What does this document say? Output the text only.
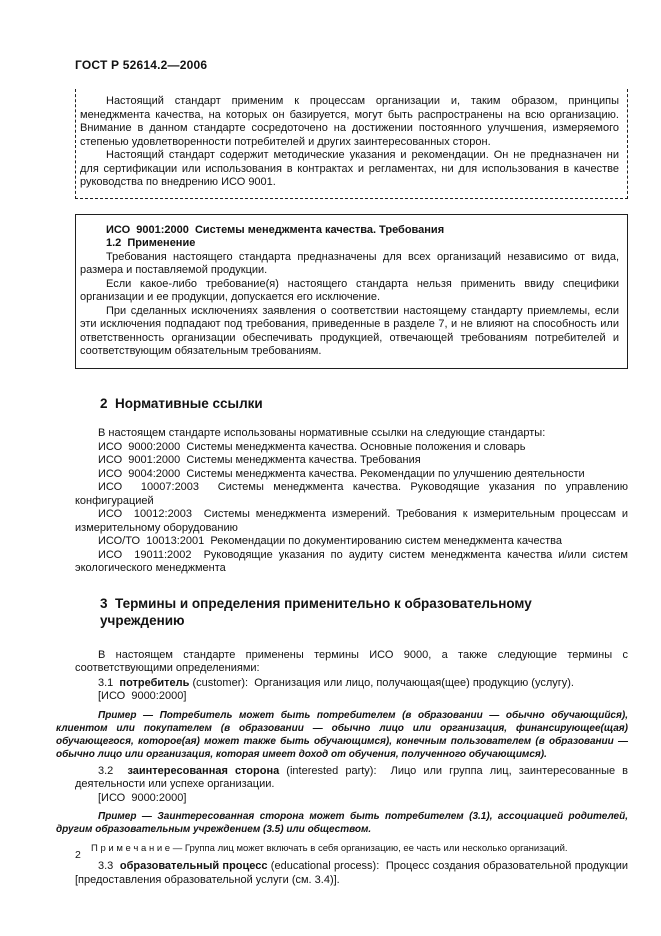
ГОСТ Р 52614.2—2006

Настоящий стандарт применим к процессам организации и, таким образом, принципы менеджмента качества, на которых он базируется, могут быть распространены на всю организацию. Внимание в данном стандарте сосредоточено на достижении постоянного улучшения, измеряемого степенью удовлетворенности потребителей и других заинтересованных сторон.

Настоящий стандарт содержит методические указания и рекомендации. Он не предназначен ни для сертификации или использования в контрактах и регламентах, ни для использования в качестве руководства по внедрению ИСО 9001.

ИСО  9001:2000  Системы менеджмента качества. Требования

1.2  Применение

Требования настоящего стандарта предназначены для всех организаций независимо от вида, размера и поставляемой продукции.

Если какое-либо требование(я) настоящего стандарта нельзя применить ввиду специфики организации и ее продукции, допускается его исключение.

При сделанных исключениях заявления о соответствии настоящему стандарту приемлемы, если эти исключения подпадают под требования, приведенные в разделе 7, и не влияют на способность или ответственность организации обеспечивать продукцией, отвечающей требованиям потребителей и соответствующим обязательным требованиям.

2  Нормативные ссылки

В настоящем стандарте использованы нормативные ссылки на следующие стандарты:

ИСО  9000:2000  Системы менеджмента качества. Основные положения и словарь

ИСО  9001:2000  Системы менеджмента качества. Требования

ИСО  9004:2000  Системы менеджмента качества. Рекомендации по улучшению деятельности

ИСО  10007:2003  Системы менеджмента качества. Руководящие указания по управлению конфигурацией

ИСО  10012:2003  Системы менеджмента измерений. Требования к измерительным процессам и измерительному оборудованию

ИСО/ТО  10013:2001  Рекомендации по документированию систем менеджмента качества

ИСО  19011:2002  Руководящие указания по аудиту систем менеджмента качества и/или систем экологического менеджмента

3  Термины и определения применительно к образовательному учреждению

В настоящем стандарте применены термины ИСО 9000, а также следующие термины с соответствующими определениями:

3.1 потребитель (customer):  Организация или лицо, получающая(щее) продукцию (услугу).

[ИСО  9000:2000]

Пример — Потребитель может быть потребителем (в образовании — обычно обучающийся), клиентом или покупателем (в образовании — обычно лицо или организация, финансирующее(щая) обучающегося, которое(ая) может также быть обучающимся), конечным пользователем (в образовании — обычно лицо или организация, которая имеет доход от обучения, полученного обучающимся).

3.2 заинтересованная сторона (interested party):  Лицо или группа лиц, заинтересованные в деятельности или успехе организации.

[ИСО  9000:2000]

Пример — Заинтересованная сторона может быть потребителем (3.1), ассоциацией родителей, другим образовательным учреждением (3.5) или обществом.

П р и м е ч а н и е — Группа лиц может включать в себя организацию, ее часть или несколько организаций.

3.3 образовательный процесс (educational process):  Процесс создания образовательной продукции [предоставления образовательной услуги (см. 3.4)].

2
